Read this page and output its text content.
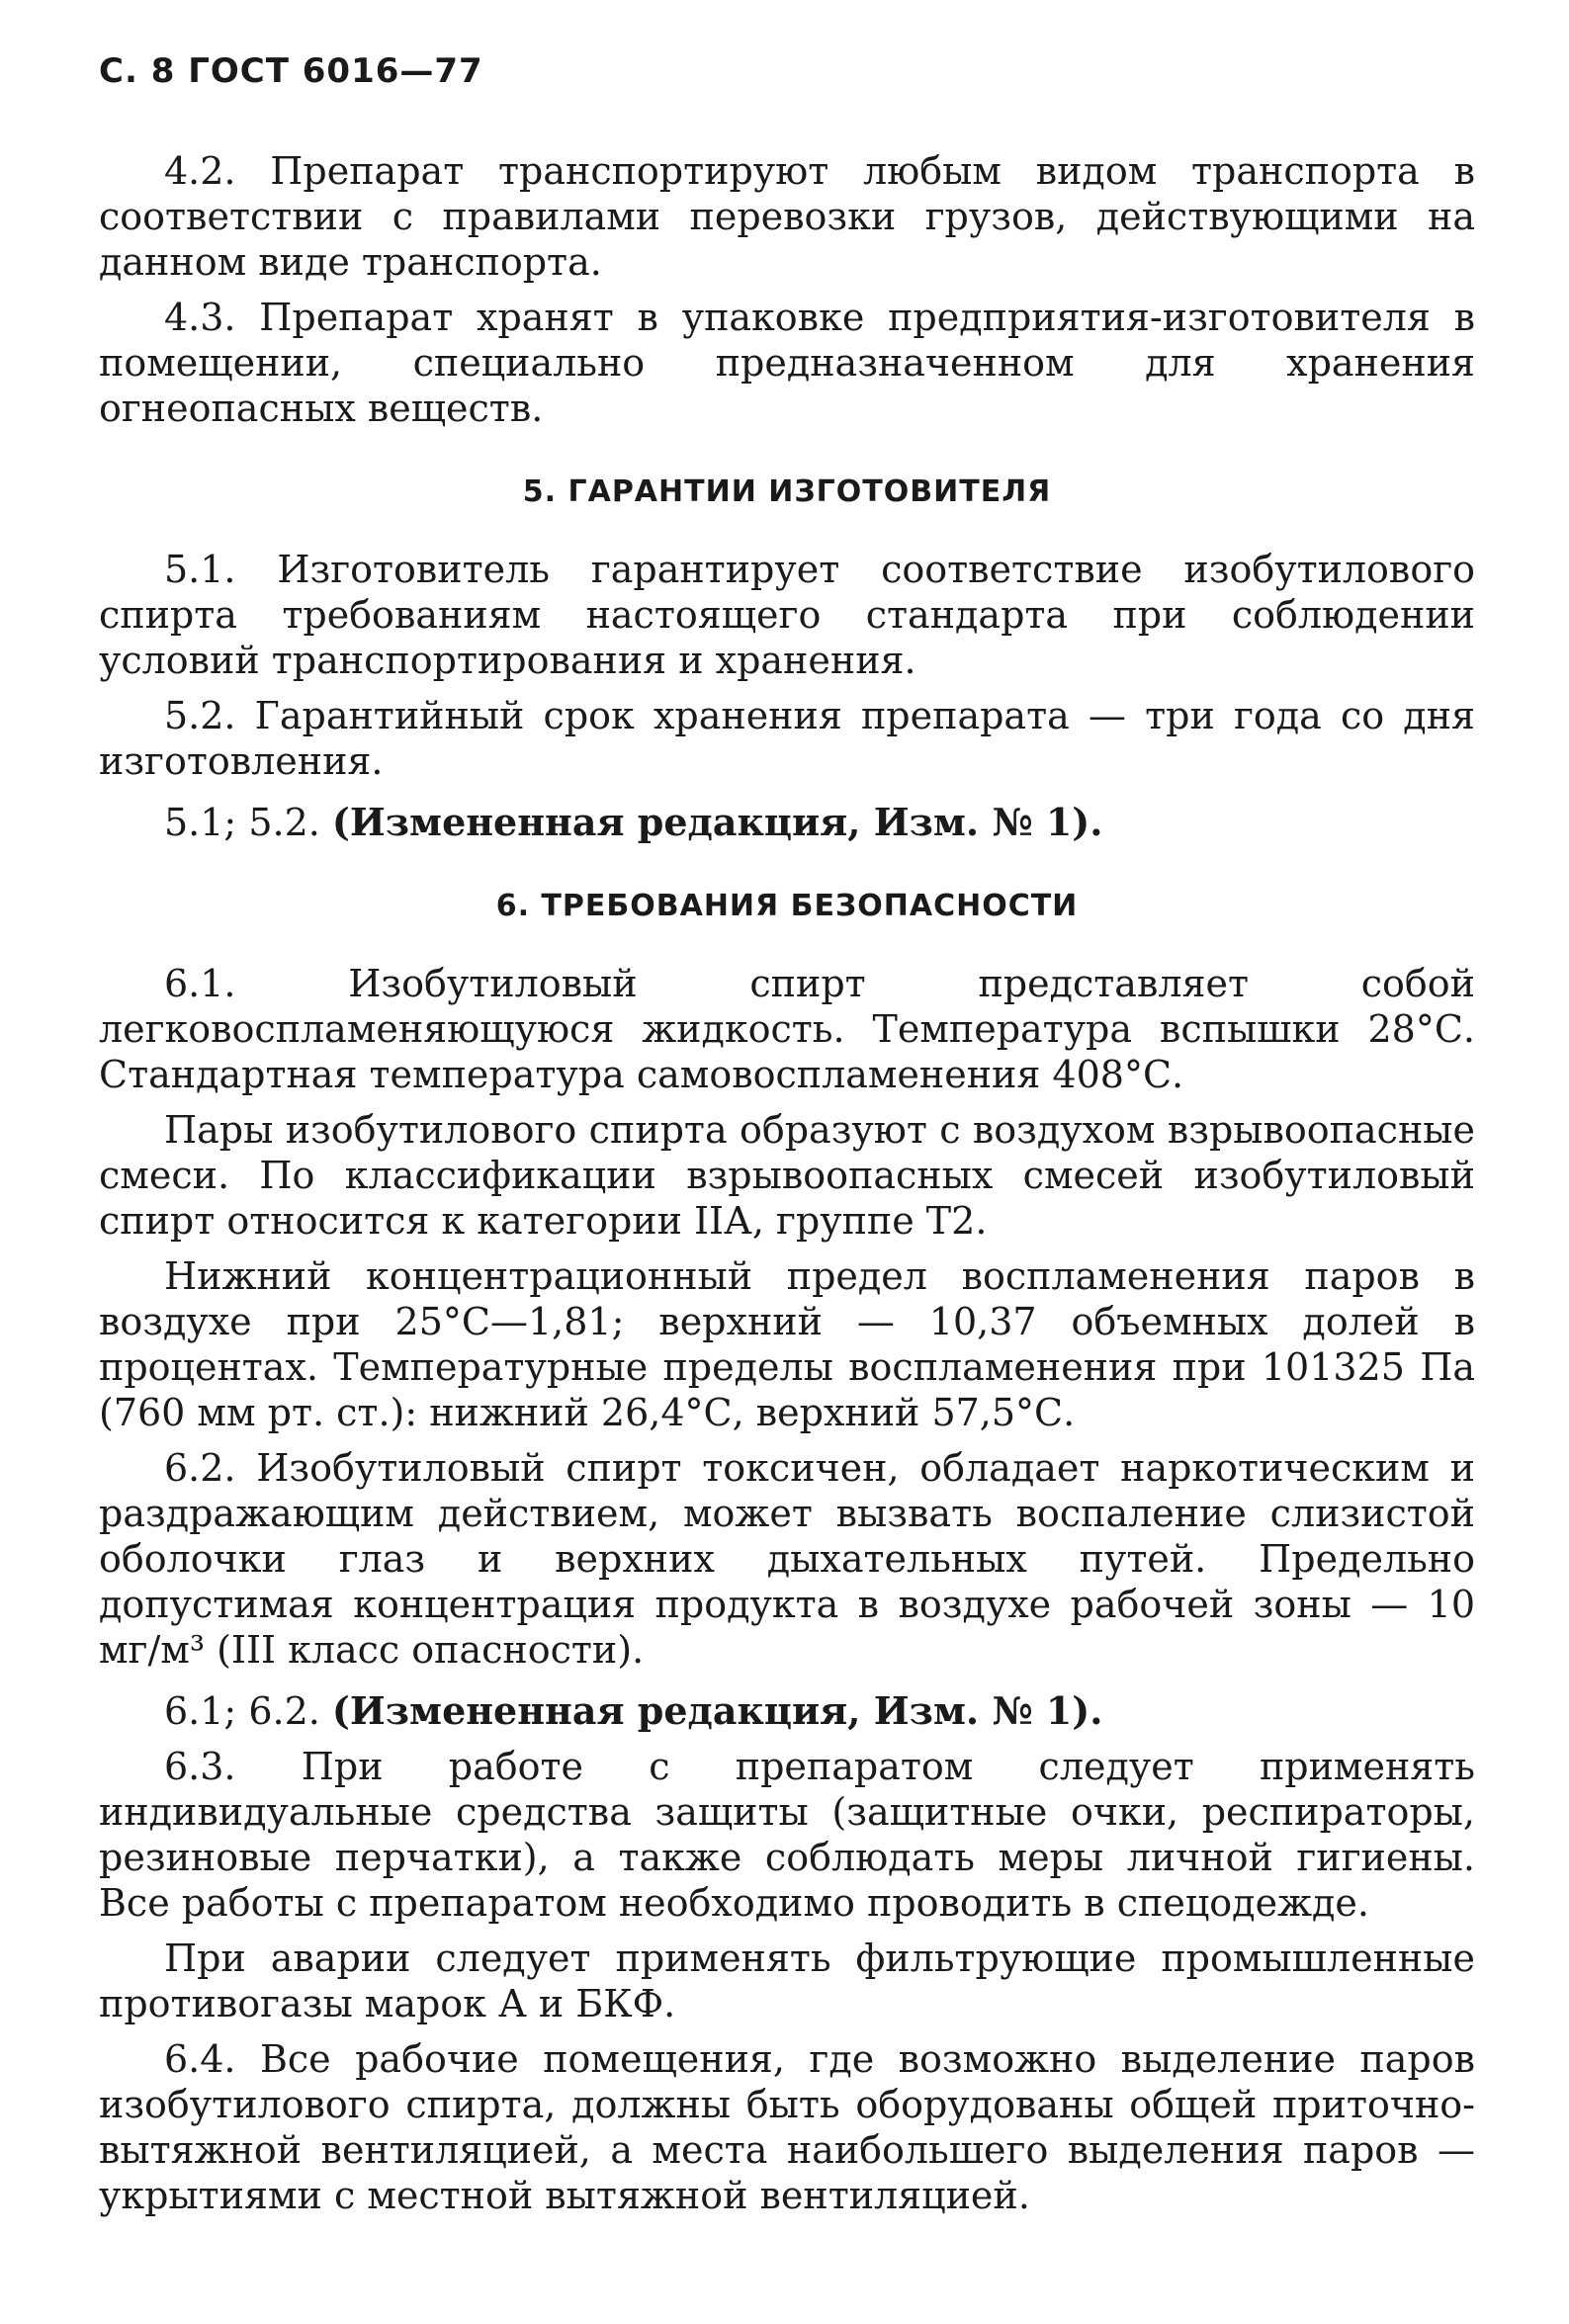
С. 8 ГОСТ 6016—77

4.2. Препарат транспортируют любым видом транспорта в соответствии с правилами перевозки грузов, действующими на данном виде транспорта.

4.3. Препарат хранят в упаковке предприятия-изготовителя в помещении, специально предназначенном для хранения огнеопасных веществ.

5. ГАРАНТИИ ИЗГОТОВИТЕЛЯ

5.1. Изготовитель гарантирует соответствие изобутилового спирта требованиям настоящего стандарта при соблюдении условий транспортирования и хранения.

5.2. Гарантийный срок хранения препарата — три года со дня изготовления.

5.1; 5.2. (Измененная редакция, Изм. № 1).

6. ТРЕБОВАНИЯ БЕЗОПАСНОСТИ

6.1. Изобутиловый спирт представляет собой легковоспламеняющуюся жидкость. Температура вспышки 28°С. Стандартная температура самовоспламенения 408°С.

Пары изобутилового спирта образуют с воздухом взрывоопасные смеси. По классификации взрывоопасных смесей изобутиловый спирт относится к категории IIА, группе Т2.

Нижний концентрационный предел воспламенения паров в воздухе при 25°С—1,81; верхний — 10,37 объемных долей в процентах. Температурные пределы воспламенения при 101325 Па (760 мм рт. ст.): нижний 26,4°С, верхний 57,5°С.

6.2. Изобутиловый спирт токсичен, обладает наркотическим и раздражающим действием, может вызвать воспаление слизистой оболочки глаз и верхних дыхательных путей. Предельно допустимая концентрация продукта в воздухе рабочей зоны — 10 мг/м³ (III класс опасности).

6.1; 6.2. (Измененная редакция, Изм. № 1).

6.3. При работе с препаратом следует применять индивидуальные средства защиты (защитные очки, респираторы, резиновые перчатки), а также соблюдать меры личной гигиены. Все работы с препаратом необходимо проводить в спецодежде.

При аварии следует применять фильтрующие промышленные противогазы марок А и БКФ.

6.4. Все рабочие помещения, где возможно выделение паров изобутилового спирта, должны быть оборудованы общей приточно-вытяжной вентиляцией, а места наибольшего выделения паров — укрытиями с местной вытяжной вентиляцией.
